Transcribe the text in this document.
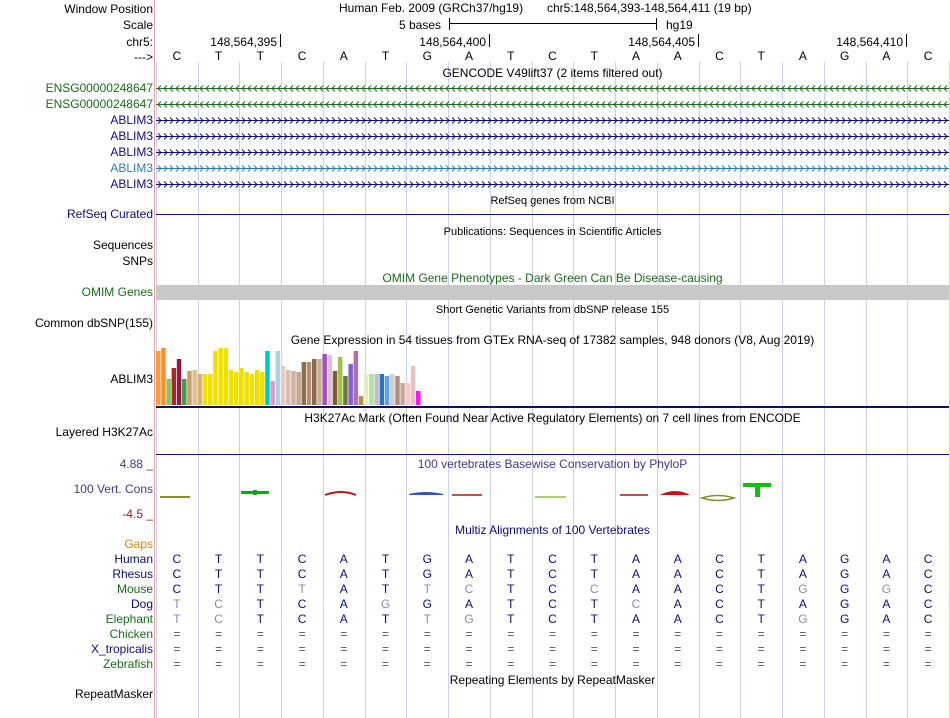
Window Position
Scale
chr5:
--->
Human Feb. 2009 (GRCh37/hg19) chr5:148,564,393-148,564,411 (19 bp)
5 bases	hg19
148,564,395	148,564,400	148,564,405	148,564,410
C	T	T	C	A	T	G	A	T	C	T	A	A	C	T	A	G	A	C
GENCODE V49lift37 (2 items filtered out)
ENSG00000248647
ENSG00000248647
ABLIM3
ABLIM3
ABLIM3
ABLIM3
ABLIM3
RefSeq genes from NCBI
RefSeq Curated
Publications: Sequences in Scientific Articles
Sequences
SNPs
OMIM Gene Phenotypes - Dark Green Can Be Disease-causing
OMIM Genes
Short Genetic Variants from dbSNP release 155
Common dbSNP(155)
Gene Expression in 54 tissues from GTEx RNA-seq of 17382 samples, 948 donors (V8, Aug 2019)
ABLIM3
H3K27Ac Mark (Often Found Near Active Regulatory Elements) on 7 cell lines from ENCODE
Layered H3K27Ac
100 vertebrates Basewise Conservation by PhyloP
100 Vert. Cons
4.88 _
-4.5 _
Multiz Alignments of 100 Vertebrates
Gaps
Human C	T	T	C	A	T	G	A	T	C	T	A	A	C	T	A	G	A	C
Rhesus C	T	T	C	A	T	G	A	T	C	T	A	A	C	T	A	G	A	C
Mouse C	T	T	T	A	T	T	C	T	C	C	A	A	C	T	G	G	G	C
Dog T	C	T	C	A	G	G	A	T	C	T	C	A	C	T	A	G	A	C
Elephant T	C	T	C	A	T	T	G	T	C	T	A	A	C	T	G	G	A	C
Chicken =	=	=	=	=	=	=	=	=	=	=	=	=	=	=	=	=	=	=
X_tropicalis =	=	=	=	=	=	=	=	=	=	=	=	=	=	=	=	=	=	=
Zebrafish =	=	=	=	=	=	=	=	=	=	=	=	=	=	=	=	=	=	=
Repeating Elements by RepeatMasker
RepeatMasker
